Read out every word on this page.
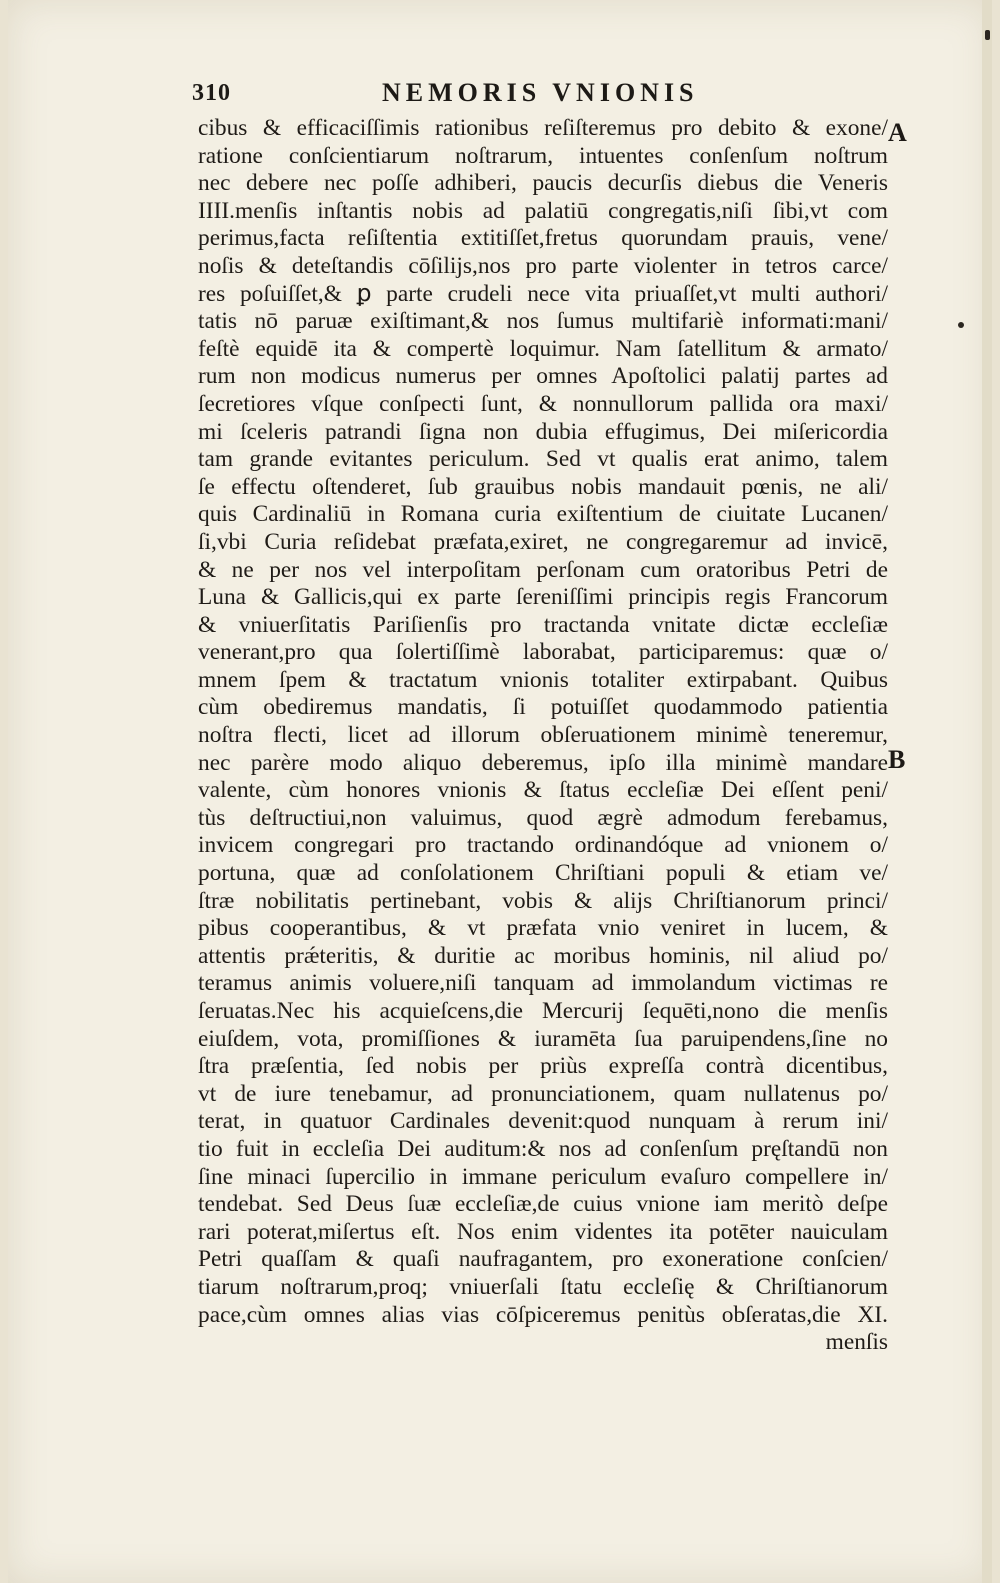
310	NEMORIS VNIONIS
A
B
cibus & efficaciſſimis rationibus reſiſteremus pro debito & exone/
ratione conſcientiarum noſtrarum, intuentes conſenſum noſtrum
nec debere nec poſſe adhiberi, paucis decurſis diebus die Veneris
IIII.menſis inſtantis nobis ad palatiū congregatis,niſi ſibi,vt com
perimus,facta reſiſtentia extitiſſet,fretus quorundam prauis, vene/
noſis & deteſtandis cōſilijs,nos pro parte violenter in tetros carce/
res poſuiſſet,& ꝑ parte crudeli nece vita priuaſſet,vt multi authori/
tatis nō paruæ exiſtimant,& nos ſumus multifariè informati:mani/
feſtè equidē ita & compertè loquimur. Nam ſatellitum & armato/
rum non modicus numerus per omnes Apoſtolici palatij partes ad
ſecretiores vſque conſpecti ſunt, & nonnullorum pallida ora maxi/
mi ſceleris patrandi ſigna non dubia effugimus, Dei miſericordia
tam grande evitantes periculum. Sed vt qualis erat animo, talem
ſe effectu oſtenderet, ſub grauibus nobis mandauit pœnis, ne ali/
quis Cardinaliū in Romana curia exiſtentium de ciuitate Lucanen/
ſi,vbi Curia reſidebat præfata,exiret, ne congregaremur ad invicē,
& ne per nos vel interpoſitam perſonam cum oratoribus Petri de
Luna & Gallicis,qui ex parte ſereniſſimi principis regis Francorum
& vniuerſitatis Pariſienſis pro tractanda vnitate dictæ eccleſiæ
venerant,pro qua ſolertiſſimè laborabat, participaremus: quæ o/
mnem ſpem & tractatum vnionis totaliter extirpabant. Quibus
cùm obediremus mandatis, ſi potuiſſet quodammodo patientia
noſtra flecti, licet ad illorum obſeruationem minimè teneremur,
nec parère modo aliquo deberemus, ipſo illa minimè mandare
valente, cùm honores vnionis & ſtatus eccleſiæ Dei eſſent peni/
tùs deſtructiui,non valuimus, quod ægrè admodum ferebamus,
invicem congregari pro tractando ordinandóque ad vnionem o/
portuna, quæ ad conſolationem Chriſtiani populi & etiam ve/
ſtræ nobilitatis pertinebant, vobis & alijs Chriſtianorum princi/
pibus cooperantibus, & vt præfata vnio veniret in lucem, &
attentis prǽteritis, & duritie ac moribus hominis, nil aliud po/
teramus animis voluere,niſi tanquam ad immolandum victimas re
ſeruatas.Nec his acquieſcens,die Mercurij ſequēti,nono die menſis
eiuſdem, vota, promiſſiones & iuramēta ſua paruipendens,ſine no
ſtra præſentia, ſed nobis per priùs expreſſa contrà dicentibus,
vt de iure tenebamur, ad pronunciationem, quam nullatenus po/
terat, in quatuor Cardinales devenit:quod nunquam à rerum ini/
tio fuit in eccleſia Dei auditum:& nos ad conſenſum pręſtandū non
ſine minaci ſupercilio in immane periculum evaſuro compellere in/
tendebat. Sed Deus ſuæ eccleſiæ,de cuius vnione iam meritò deſpe
rari poterat,miſertus eſt. Nos enim videntes ita potēter nauiculam
Petri quaſſam & quaſi naufragantem, pro exoneratione conſcien/
tiarum noſtrarum,proq; vniuerſali ſtatu eccleſię & Chriſtianorum
pace,cùm omnes alias vias cōſpiceremus penitùs obſeratas,die XI.
menſis
